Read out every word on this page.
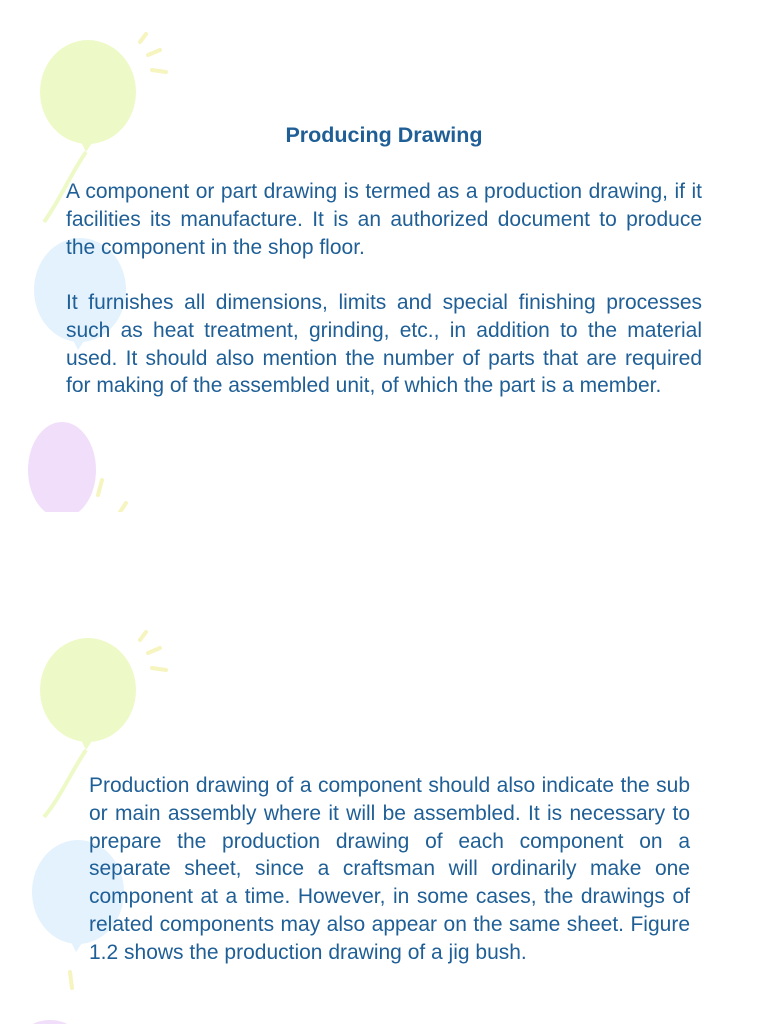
Producing Drawing

A component or part drawing is termed as a production drawing, if it facilities its manufacture. It is an authorized document to produce the component in the shop floor.

It furnishes all dimensions, limits and special finishing processes such as heat treatment, grinding, etc., in addition to the material used. It should also mention the number of parts that are required for making of the assembled unit, of which the part is a member.

Production drawing of a component should also indicate the sub or main assembly where it will be assembled. It is necessary to prepare the production drawing of each component on a separate sheet, since a craftsman will ordinarily make one component at a time. However, in some cases, the drawings of related components may also appear on the same sheet. Figure 1.2 shows the production drawing of a jig bush.
